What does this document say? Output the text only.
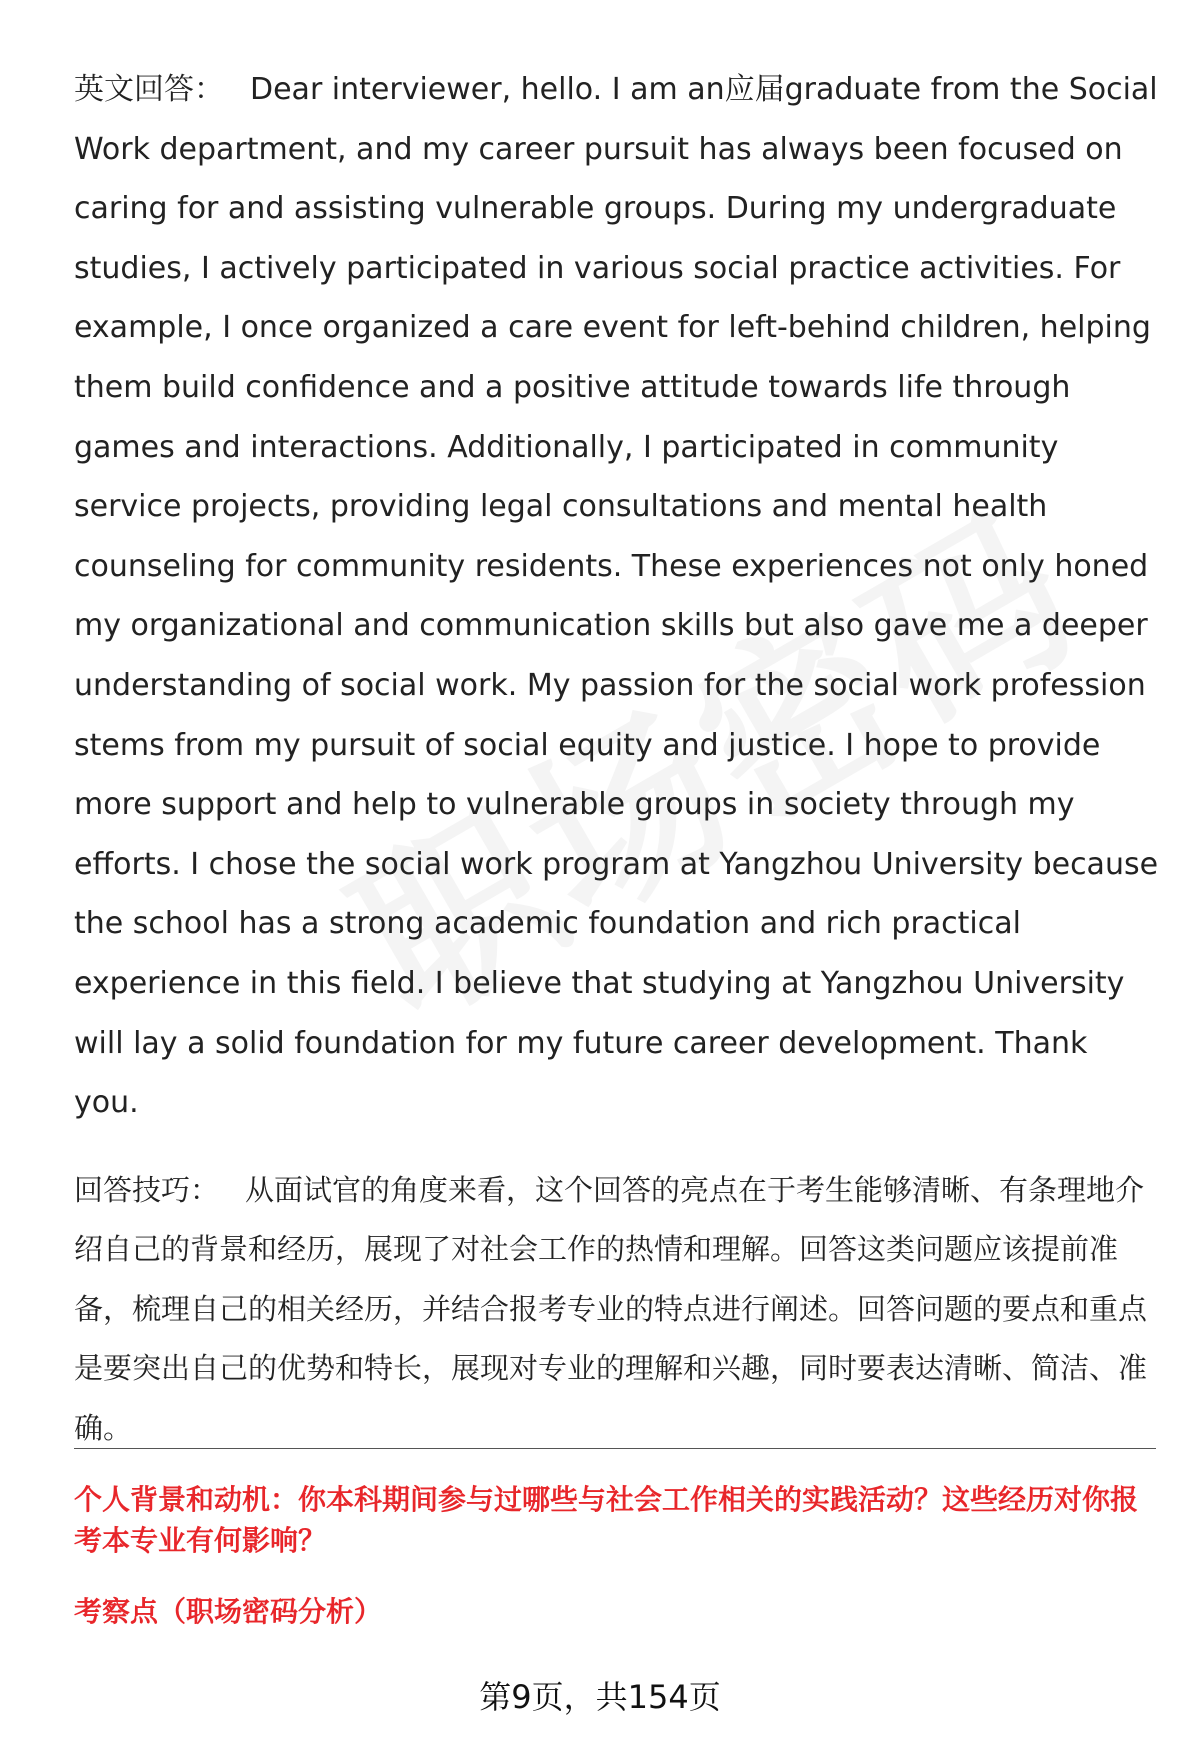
英文回答： Dear interviewer, hello. I am an应届graduate from the Social Work department, and my career pursuit has always been focused on caring for and assisting vulnerable groups. During my undergraduate studies, I actively participated in various social practice activities. For example, I once organized a care event for left-behind children, helping them build confidence and a positive attitude towards life through games and interactions. Additionally, I participated in community service projects, providing legal consultations and mental health counseling for community residents. These experiences not only honed my organizational and communication skills but also gave me a deeper understanding of social work. My passion for the social work profession stems from my pursuit of social equity and justice. I hope to provide more support and help to vulnerable groups in society through my efforts. I chose the social work program at Yangzhou University because the school has a strong academic foundation and rich practical experience in this field. I believe that studying at Yangzhou University will lay a solid foundation for my future career development. Thank you.

回答技巧： 从面试官的角度来看，这个回答的亮点在于考生能够清晰、有条理地介绍自己的背景和经历，展现了对社会工作的热情和理解。回答这类问题应该提前准备，梳理自己的相关经历，并结合报考专业的特点进行阐述。回答问题的要点和重点是要突出自己的优势和特长，展现对专业的理解和兴趣，同时要表达清晰、简洁、准确。

个人背景和动机：你本科期间参与过哪些与社会工作相关的实践活动？这些经历对你报考本专业有何影响？

考察点（职场密码分析）

第9页，共154页
